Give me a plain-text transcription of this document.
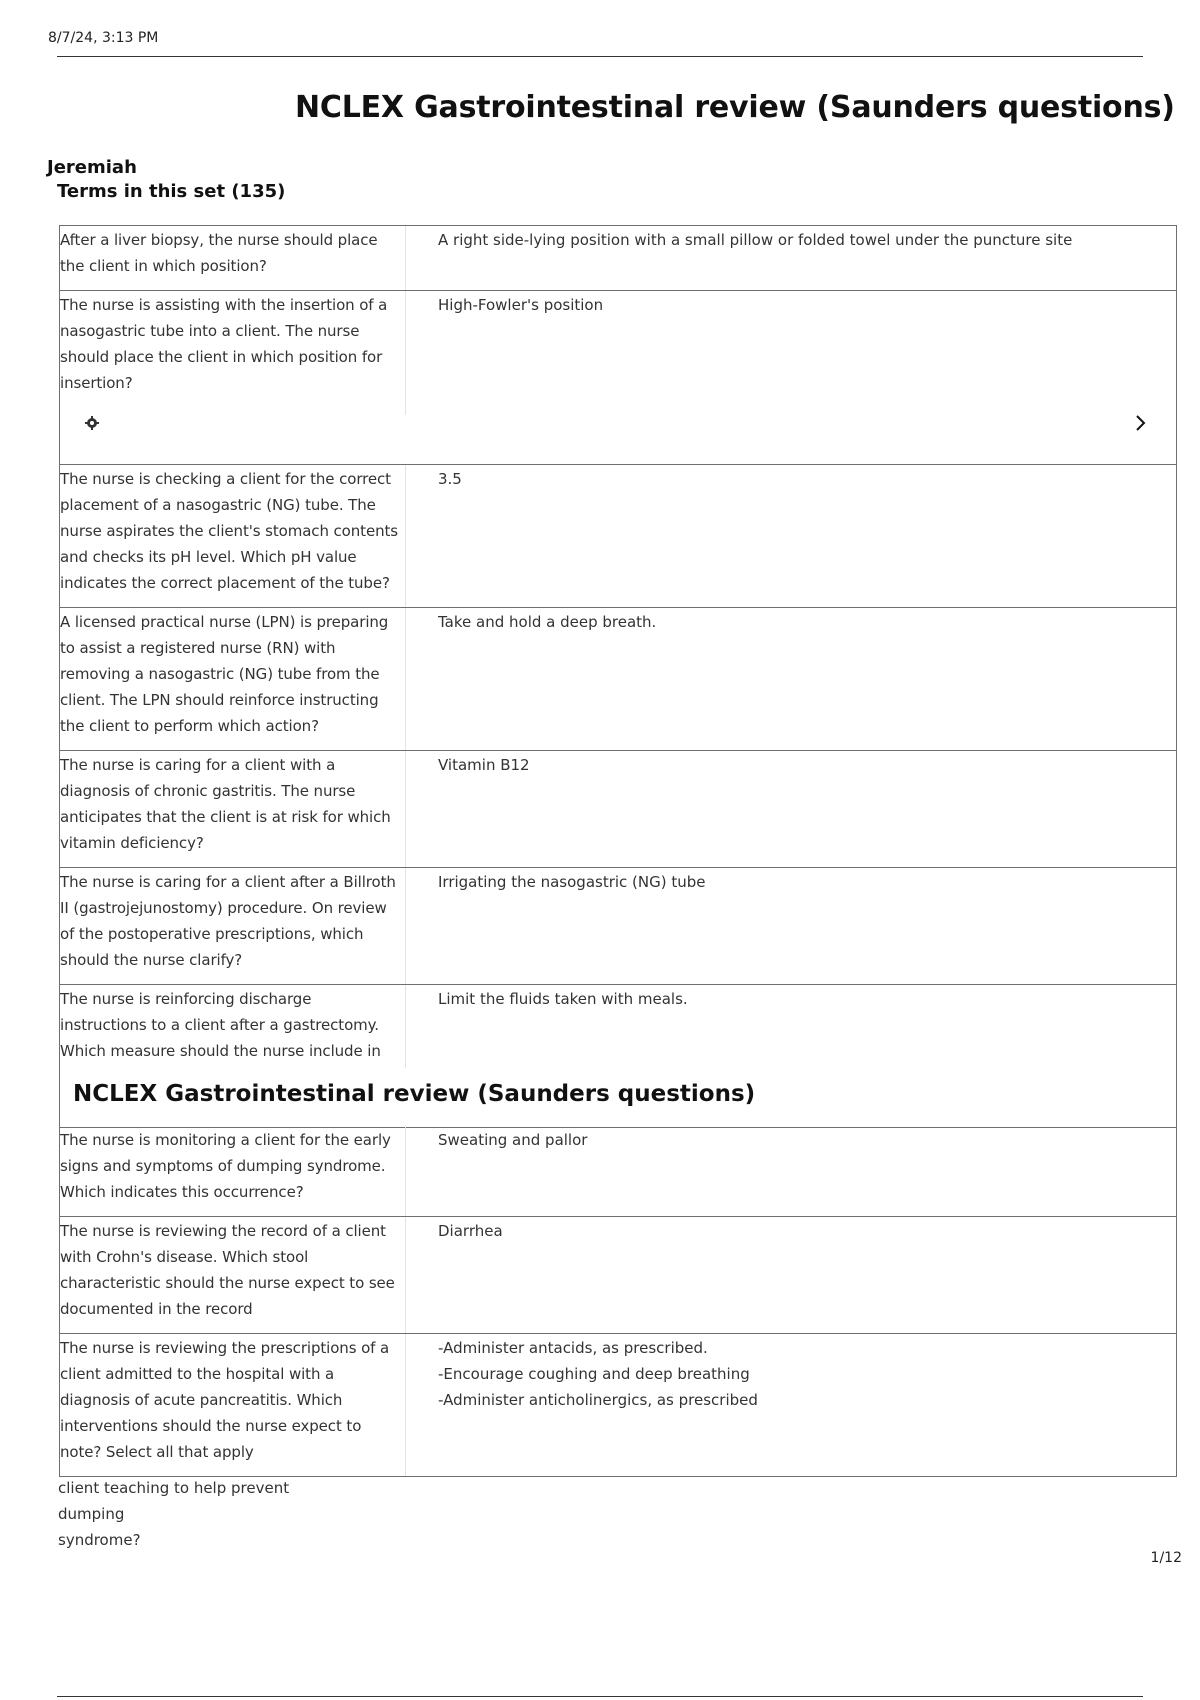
8/7/24, 3:13 PM
NCLEX Gastrointestinal review (Saunders questions)
Jeremiah
Terms in this set (135)
After a liver biopsy, the nurse should place
the client in which position?
A right side-lying position with a small pillow or folded towel under the puncture site
The nurse is assisting with the insertion of a
nasogastric tube into a client. The nurse
should place the client in which position for
insertion?
High-Fowler's position
The nurse is checking a client for the correct
placement of a nasogastric (NG) tube. The
nurse aspirates the client's stomach contents
and checks its pH level. Which pH value
indicates the correct placement of the tube?
3.5
A licensed practical nurse (LPN) is preparing
to assist a registered nurse (RN) with
removing a nasogastric (NG) tube from the
client. The LPN should reinforce instructing
the client to perform which action?
Take and hold a deep breath.
The nurse is caring for a client with a
diagnosis of chronic gastritis. The nurse
anticipates that the client is at risk for which
vitamin deficiency?
Vitamin B12
The nurse is caring for a client after a Billroth
II (gastrojejunostomy) procedure. On review
of the postoperative prescriptions, which
should the nurse clarify?
Irrigating the nasogastric (NG) tube
The nurse is reinforcing discharge
instructions to a client after a gastrectomy.
Which measure should the nurse include in
Limit the fluids taken with meals.
NCLEX Gastrointestinal review (Saunders questions)
The nurse is monitoring a client for the early
signs and symptoms of dumping syndrome.
Which indicates this occurrence?
Sweating and pallor
The nurse is reviewing the record of a client
with Crohn's disease. Which stool
characteristic should the nurse expect to see
documented in the record
Diarrhea
The nurse is reviewing the prescriptions of a
client admitted to the hospital with a
diagnosis of acute pancreatitis. Which
interventions should the nurse expect to
note? Select all that apply
-Administer antacids, as prescribed.
-Encourage coughing and deep breathing
-Administer anticholinergics, as prescribed
client teaching to help prevent dumping
syndrome?
1/12
